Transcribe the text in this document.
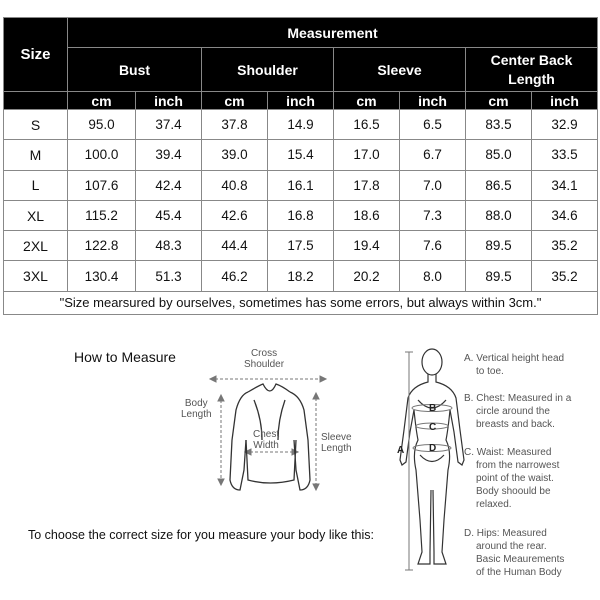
Size	Measurement							
	Bust		Shoulder		Sleeve		Center Back Length	
	cm	inch	cm	inch	cm	inch	cm	inch
S	95.0	37.4	37.8	14.9	16.5	6.5	83.5	32.9
M	100.0	39.4	39.0	15.4	17.0	6.7	85.0	33.5
L	107.6	42.4	40.8	16.1	17.8	7.0	86.5	34.1
XL	115.2	45.4	42.6	16.8	18.6	7.3	88.0	34.6
2XL	122.8	48.3	44.4	17.5	19.4	7.6	89.5	35.2
3XL	130.4	51.3	46.2	18.2	20.2	8.0	89.5	35.2
"Size mearsured by ourselves, sometimes has some errors, but always within 3cm."								
How to Measure	Cross
Shoulder
Body
Length
Chest
Width
Sleeve
Length
To choose the correct size for you measure your body like this:
A
B
C
D
A. Vertical height head
to toe.
B. Chest: Measured in a
circle around the
breasts and back.
C. Waist: Measured
from the narrowest
point of the waist.
Body shoould be
relaxed.
D. Hips: Measured
around the rear.
Basic Meaurements
of the Human Body
